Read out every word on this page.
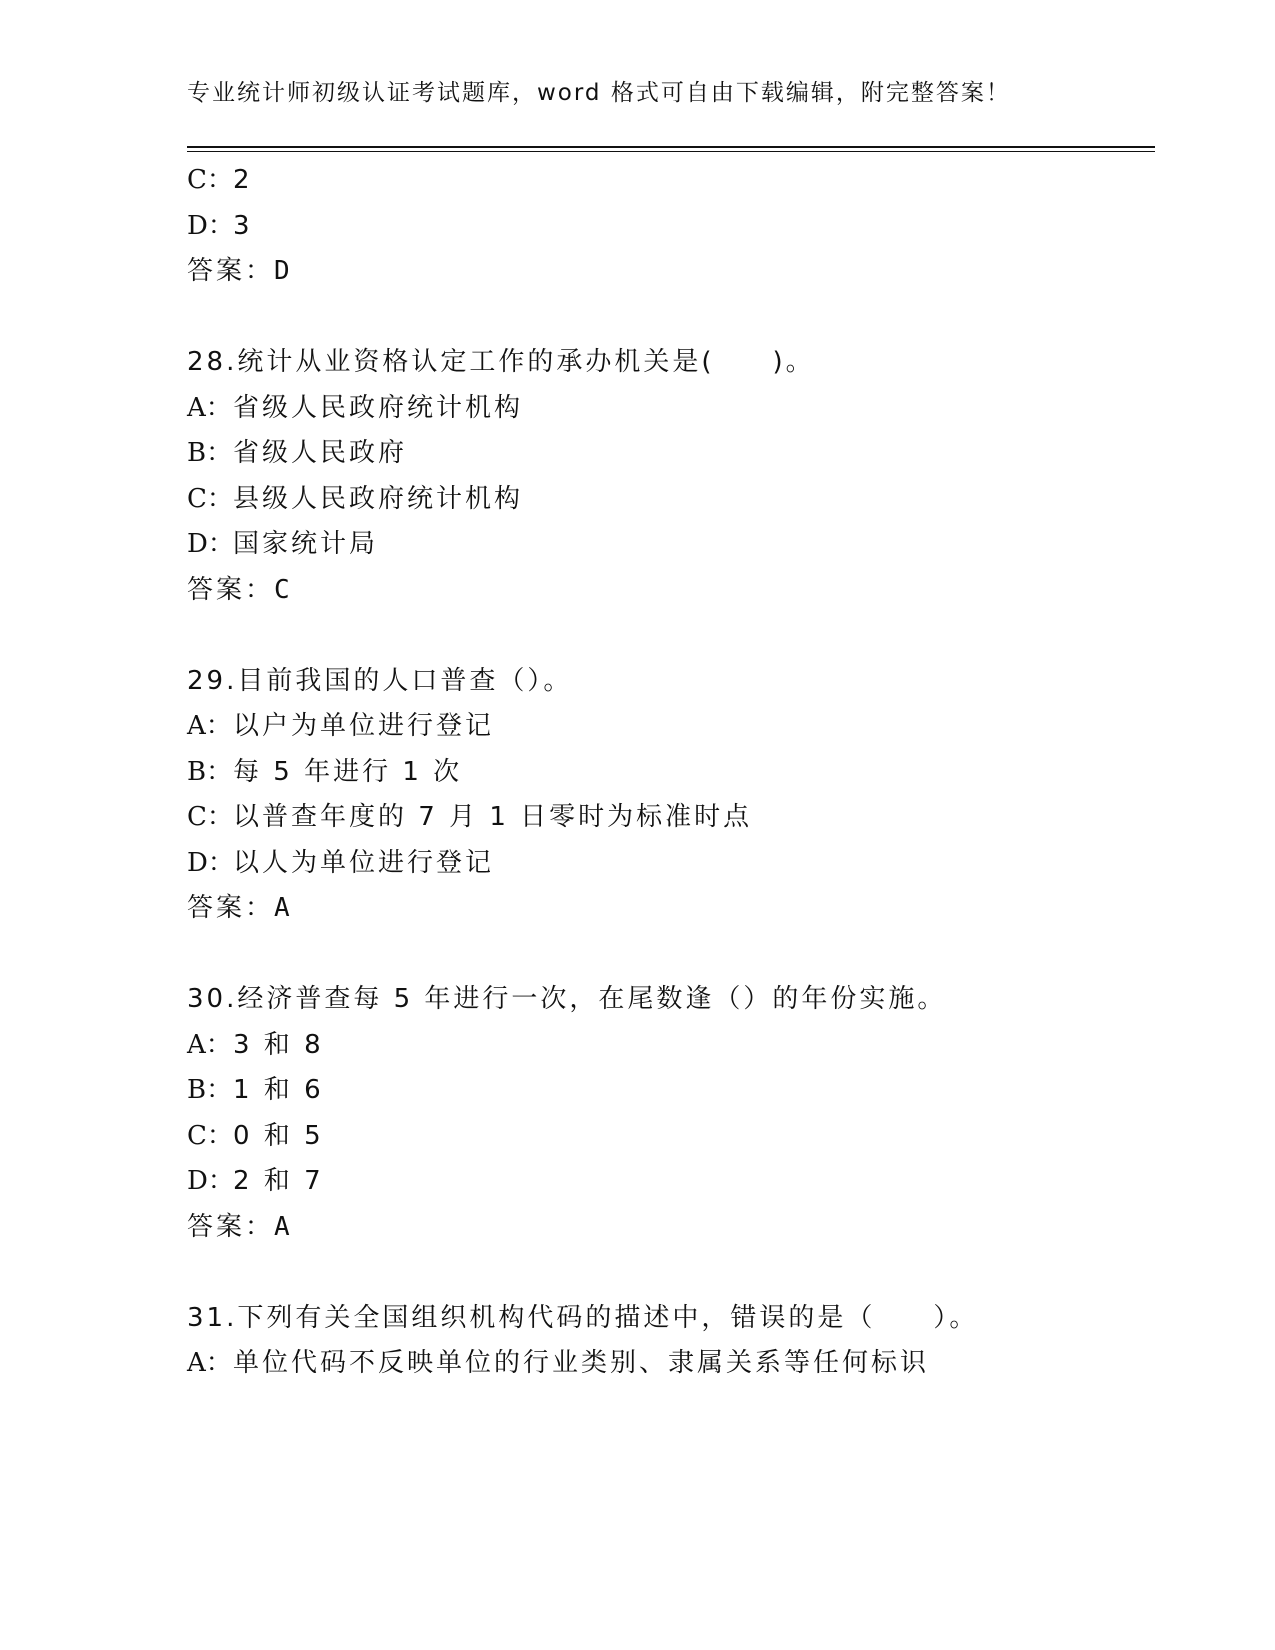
专业统计师初级认证考试题库，word 格式可自由下载编辑，附完整答案！
C：2
D：3
答案：D
28.统计从业资格认定工作的承办机关是(　　)。
A：省级人民政府统计机构
B：省级人民政府
C：县级人民政府统计机构
D：国家统计局
答案：C
29.目前我国的人口普查（）。
A：以户为单位进行登记
B：每 5 年进行 1 次
C：以普查年度的 7 月 1 日零时为标准时点
D：以人为单位进行登记
答案：A
30.经济普查每 5 年进行一次，在尾数逢（）的年份实施。
A：3 和 8
B：1 和 6
C：0 和 5
D：2 和 7
答案：A
31.下列有关全国组织机构代码的描述中，错误的是（　　）。
A：单位代码不反映单位的行业类别、隶属关系等任何标识
